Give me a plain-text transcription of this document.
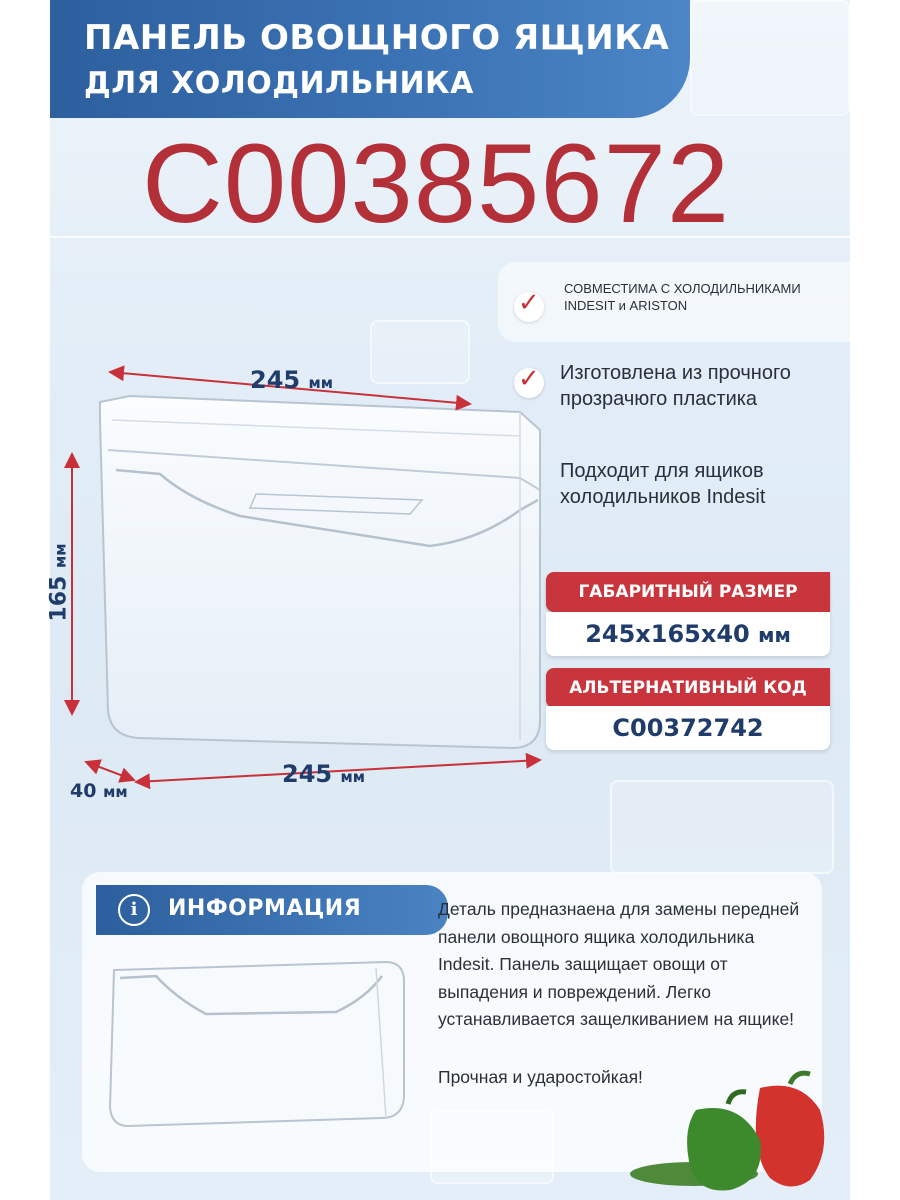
ПАНЕЛЬ ОВОЩНОГО ЯЩИКА
ДЛЯ ХОЛОДИЛЬНИКА
C00385672
245 мм
245 мм
165 мм
40 мм
✓ СОВМЕСТИМА С ХОЛОДИЛЬНИКАМИ INDESIT и ARISTON
✓ Изготовлена из прочного прозрачюго пластика
Подходит для ящиков холодильников Indesit
ГАБАРИТНЫЙ РАЗМЕР
245х165х40 мм
АЛЬТЕРНАТИВНЫЙ КОД
C00372742
i	ИНФОРМАЦИЯ	Деталь предназнаена для замены передней панели овощного ящика холодильника Indesit. Панель защищает овощи от выпадения и повреждений. Легко устанавливается защелкиванием на ящике!
Прочная и ударостойкая!
